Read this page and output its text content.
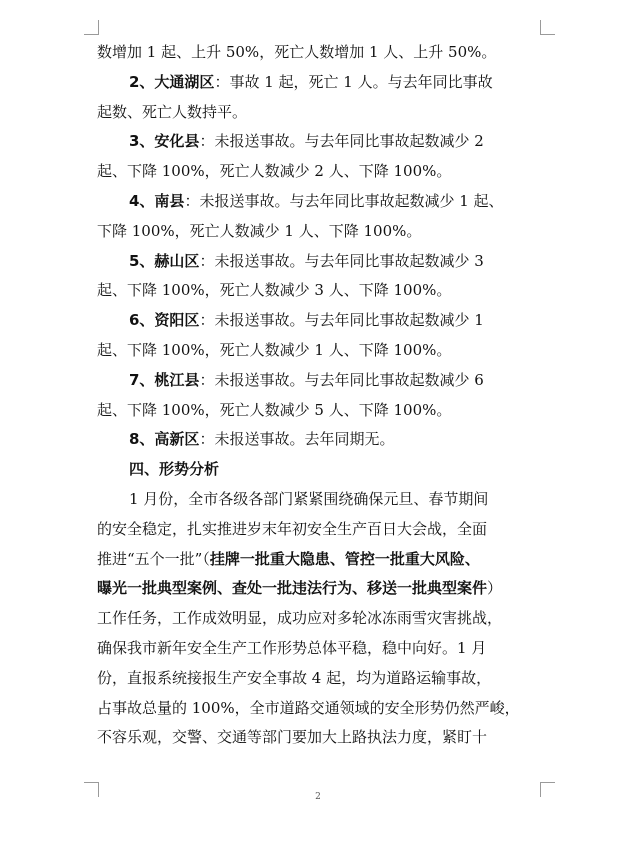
数增加 1 起、上升 50%，死亡人数增加 1 人、上升 50%。
2、大通湖区：事故 1 起，死亡 1 人。与去年同比事故
起数、死亡人数持平。
3、安化县：未报送事故。与去年同比事故起数减少 2
起、下降 100%，死亡人数减少 2 人、下降 100%。
4、南县：未报送事故。与去年同比事故起数减少 1 起、
下降 100%，死亡人数减少 1 人、下降 100%。
5、赫山区：未报送事故。与去年同比事故起数减少 3
起、下降 100%，死亡人数减少 3 人、下降 100%。
6、资阳区：未报送事故。与去年同比事故起数减少 1
起、下降 100%，死亡人数减少 1 人、下降 100%。
7、桃江县：未报送事故。与去年同比事故起数减少 6
起、下降 100%，死亡人数减少 5 人、下降 100%。
8、高新区：未报送事故。去年同期无。
四、形势分析
1 月份，全市各级各部门紧紧围绕确保元旦、春节期间
的安全稳定，扎实推进岁末年初安全生产百日大会战，全面
推进“五个一批”（挂牌一批重大隐患、管控一批重大风险、
曝光一批典型案例、查处一批违法行为、移送一批典型案件）
工作任务，工作成效明显，成功应对多轮冰冻雨雪灾害挑战，
确保我市新年安全生产工作形势总体平稳，稳中向好。1 月
份，直报系统接报生产安全事故 4 起，均为道路运输事故，
占事故总量的 100%，全市道路交通领域的安全形势仍然严峻，
不容乐观，交警、交通等部门要加大上路执法力度，紧盯十
2
